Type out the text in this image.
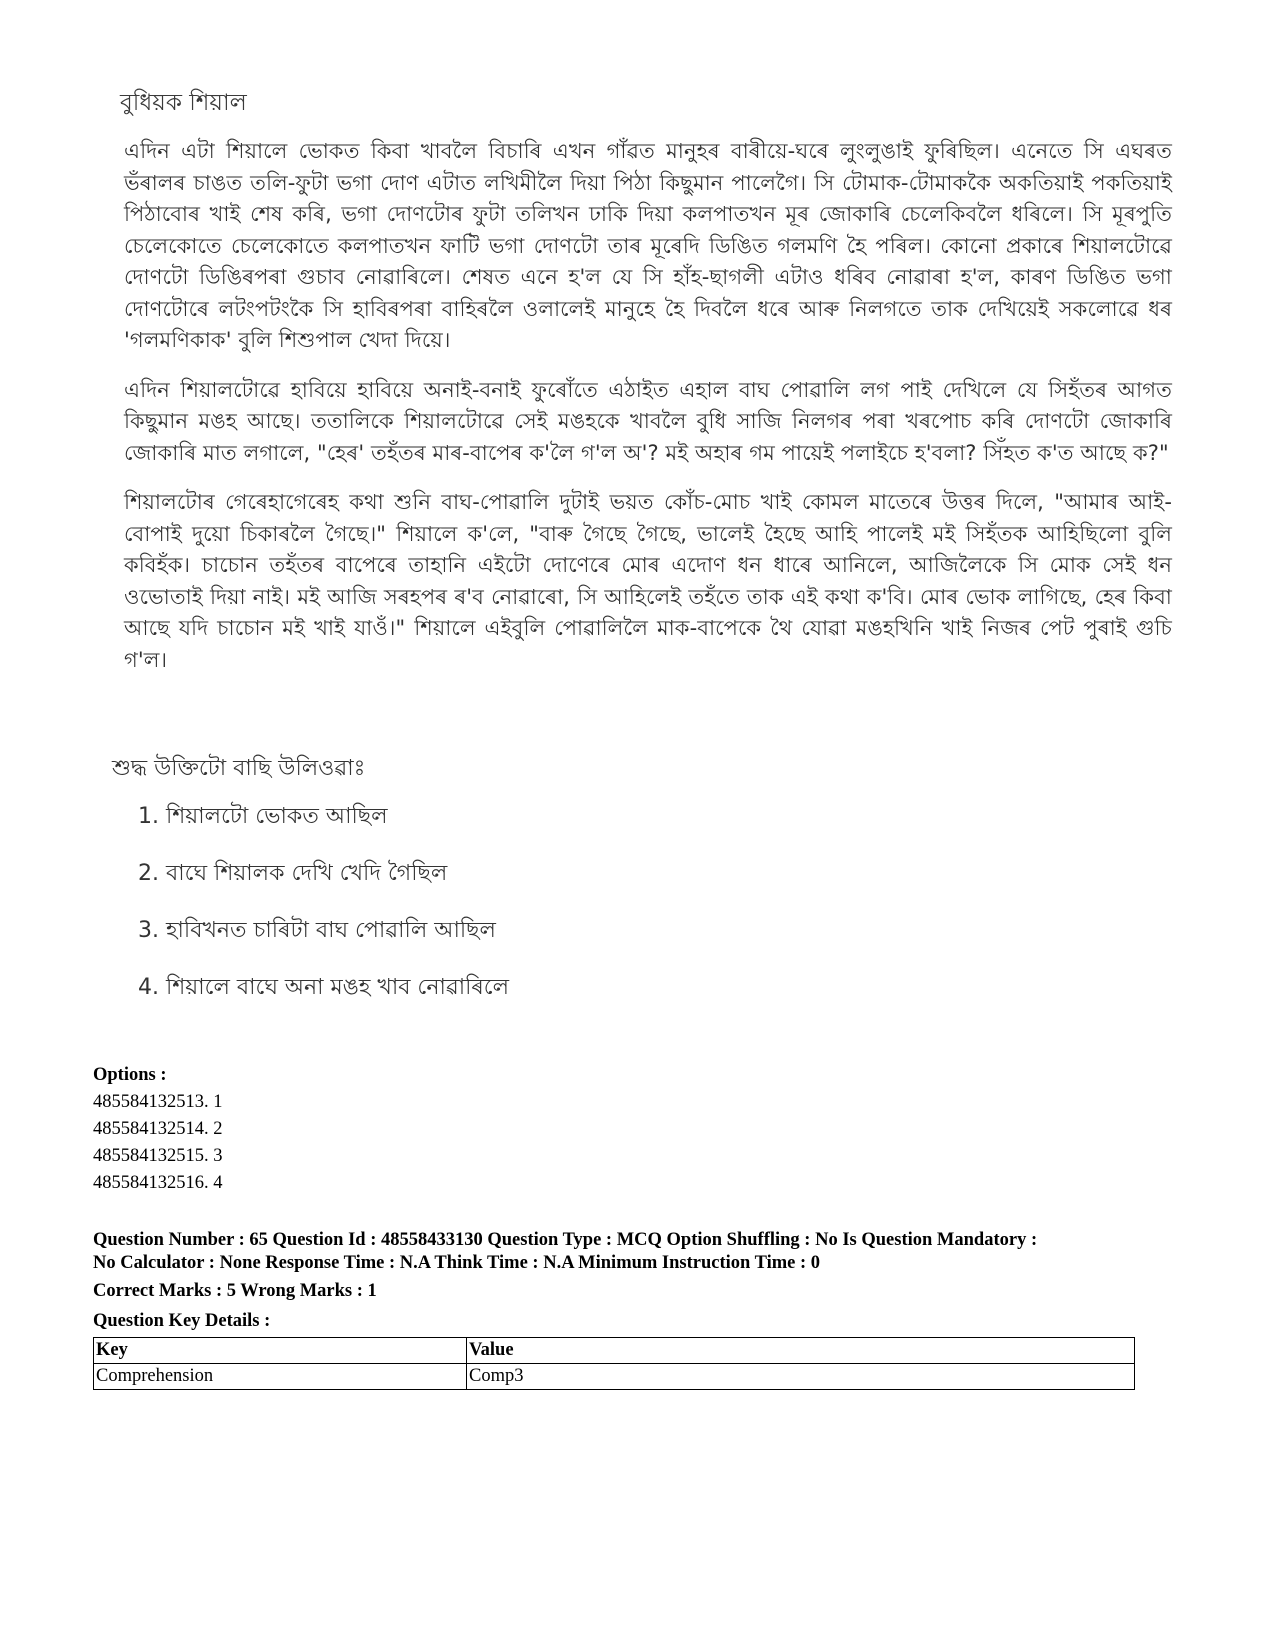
বুধিয়ক শিয়াল

এদিন এটা শিয়ালে ভোকত কিবা খাবলৈ বিচাৰি এখন গাঁৱত মানুহৰ বাৰীয়ে-ঘৰে লুংলুঙাই ফুৰিছিল। এনেতে সি এঘৰত ভঁৰালৰ চাঙত তলি-ফুটা ভগা দোণ এটাত লখিমীলৈ দিয়া পিঠা কিছুমান পালেগৈ। সি টোমাক-টোমাককৈ অকতিয়াই পকতিয়াই পিঠাবোৰ খাই শেষ কৰি, ভগা দোণটোৰ ফুটা তলিখন ঢাকি দিয়া কলপাতখন মূৰ জোকাৰি চেলেকিবলৈ ধৰিলে। সি মূৰপুতি চেলেকোতে চেলেকোতে কলপাতখন ফাটি ভগা দোণটো তাৰ মূৰেদি ডিঙিত গলমণি হৈ পৰিল। কোনো প্ৰকাৰে শিয়ালটোৱে দোণটো ডিঙিৰপৰা গুচাব নোৱাৰিলে। শেষত এনে হ'ল যে সি হাঁহ-ছাগলী এটাও ধৰিব নোৱাৰা হ'ল, কাৰণ ডিঙিত ভগা দোণটোৰে লটংপটংকৈ সি হাবিৰপৰা বাহিৰলৈ ওলালেই মানুহে হৈ দিবলৈ ধৰে আৰু নিলগতে তাক দেখিয়েই সকলোৱে ধৰ 'গলমণিকাক' বুলি শিশুপাল খেদা দিয়ে।

এদিন শিয়ালটোৱে হাবিয়ে হাবিয়ে অনাই-বনাই ফুৰোঁতে এঠাইত এহাল বাঘ পোৱালি লগ পাই দেখিলে যে সিহঁতৰ আগত কিছুমান মঙহ আছে। ততালিকে শিয়ালটোৱে সেই মঙহকে খাবলৈ বুধি সাজি নিলগৰ পৰা খৰপোচ কৰি দোণটো জোকাৰি জোকাৰি মাত লগালে, "হেৰ' তহঁতৰ মাৰ-বাপেৰ ক'লৈ গ'ল অ'? মই অহাৰ গম পায়েই পলাইচে হ'বলা? সিঁহত ক'ত আছে ক?"

শিয়ালটোৰ গেৰেহাগেৰেহ কথা শুনি বাঘ-পোৱালি দুটাই ভয়ত কোঁচ-মোচ খাই কোমল মাতেৰে উত্তৰ দিলে, "আমাৰ আই-বোপাই দুয়ো চিকাৰলৈ গৈছে।" শিয়ালে ক'লে, "বাৰু গৈছে গৈছে, ভালেই হৈছে আহি পালেই মই সিহঁতক আহিছিলো বুলি কবিহঁক। চাচোন তহঁতৰ বাপেৰে তাহানি এইটো দোণেৰে মোৰ এদোণ ধন ধাৰে আনিলে, আজিলৈকে সি মোক সেই ধন ওভোতাই দিয়া নাই। মই আজি সৰহপৰ ৰ'ব নোৱাৰো, সি আহিলেই তহঁতে তাক এই কথা ক'বি। মোৰ ভোক লাগিছে, হেৰ কিবা আছে যদি চাচোন মই খাই যাওঁ।" শিয়ালে এইবুলি পোৱালিলৈ মাক-বাপেকে থৈ যোৱা মঙহখিনি খাই নিজৰ পেট পুৰাই গুচি গ'ল।

শুদ্ধ উক্তিটো বাছি উলিওৱাঃ
1. শিয়ালটো ভোকত আছিল
2. বাঘে শিয়ালক দেখি খেদি গৈছিল
3. হাবিখনত চাৰিটা বাঘ পোৱালি আছিল
4. শিয়ালে বাঘে অনা মঙহ খাব নোৱাৰিলে
Options :
485584132513. 1
485584132514. 2
485584132515. 3
485584132516. 4
Question Number : 65 Question Id : 48558433130 Question Type : MCQ Option Shuffling : No Is Question Mandatory :
No Calculator : None Response Time : N.A Think Time : N.A Minimum Instruction Time : 0
Correct Marks : 5 Wrong Marks : 1
Question Key Details :
Key	Value
Comprehension	Comp3
